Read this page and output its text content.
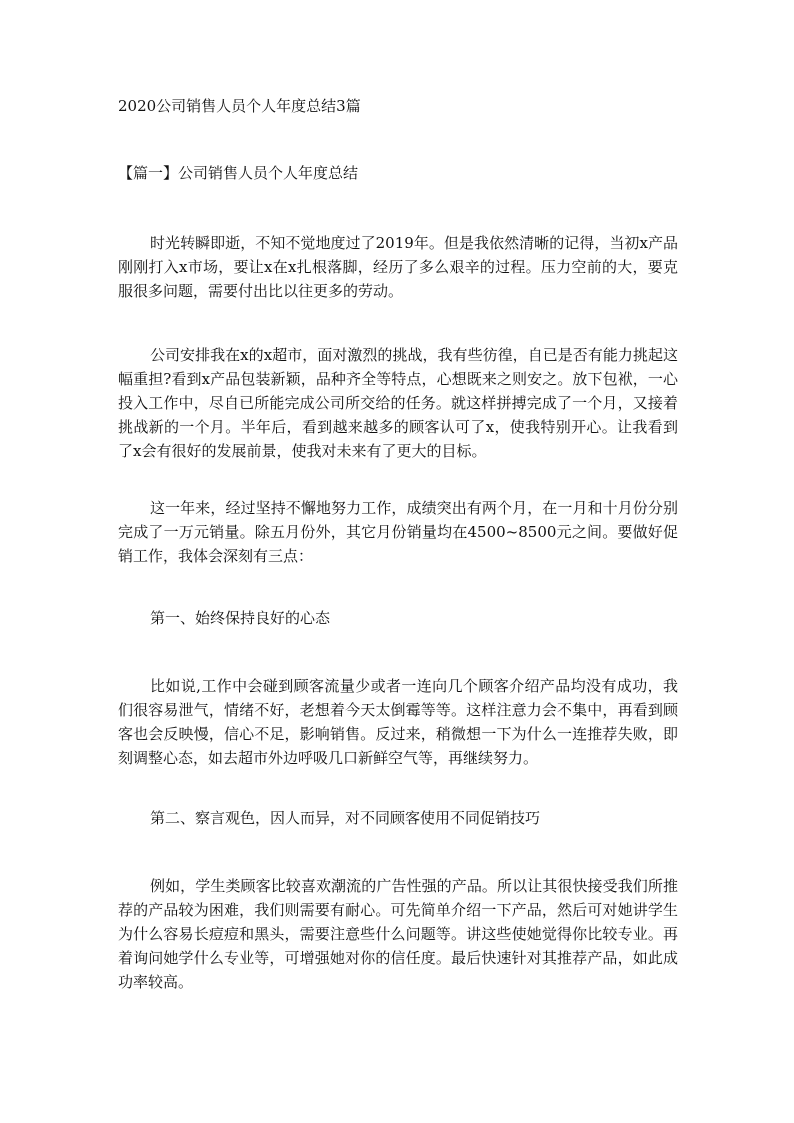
2020公司销售人员个人年度总结3篇

【篇一】公司销售人员个人年度总结

时光转瞬即逝，不知不觉地度过了2019年。但是我依然清晰的记得，当初x产品刚刚打入x市场，要让x在x扎根落脚，经历了多么艰辛的过程。压力空前的大，要克服很多问题，需要付出比以往更多的劳动。

公司安排我在x的x超市，面对激烈的挑战，我有些彷徨，自已是否有能力挑起这幅重担?看到x产品包装新颖，品种齐全等特点，心想既来之则安之。放下包袱，一心投入工作中，尽自已所能完成公司所交给的任务。就这样拼搏完成了一个月，又接着挑战新的一个月。半年后，看到越来越多的顾客认可了x，使我特别开心。让我看到了x会有很好的发展前景，使我对未来有了更大的目标。

这一年来，经过坚持不懈地努力工作，成绩突出有两个月，在一月和十月份分别完成了一万元销量。除五月份外，其它月份销量均在4500~8500元之间。要做好促销工作，我体会深刻有三点：

第一、始终保持良好的心态

比如说,工作中会碰到顾客流量少或者一连向几个顾客介绍产品均没有成功，我们很容易泄气，情绪不好，老想着今天太倒霉等等。这样注意力会不集中，再看到顾客也会反映慢，信心不足，影响销售。反过来，稍微想一下为什么一连推荐失败，即刻调整心态，如去超市外边呼吸几口新鲜空气等，再继续努力。

第二、察言观色，因人而异，对不同顾客使用不同促销技巧

例如，学生类顾客比较喜欢潮流的广告性强的产品。所以让其很快接受我们所推荐的产品较为困难，我们则需要有耐心。可先简单介绍一下产品，然后可对她讲学生为什么容易长痘痘和黑头，需要注意些什么问题等。讲这些使她觉得你比较专业。再着询问她学什么专业等，可增强她对你的信任度。最后快速针对其推荐产品，如此成功率较高。
